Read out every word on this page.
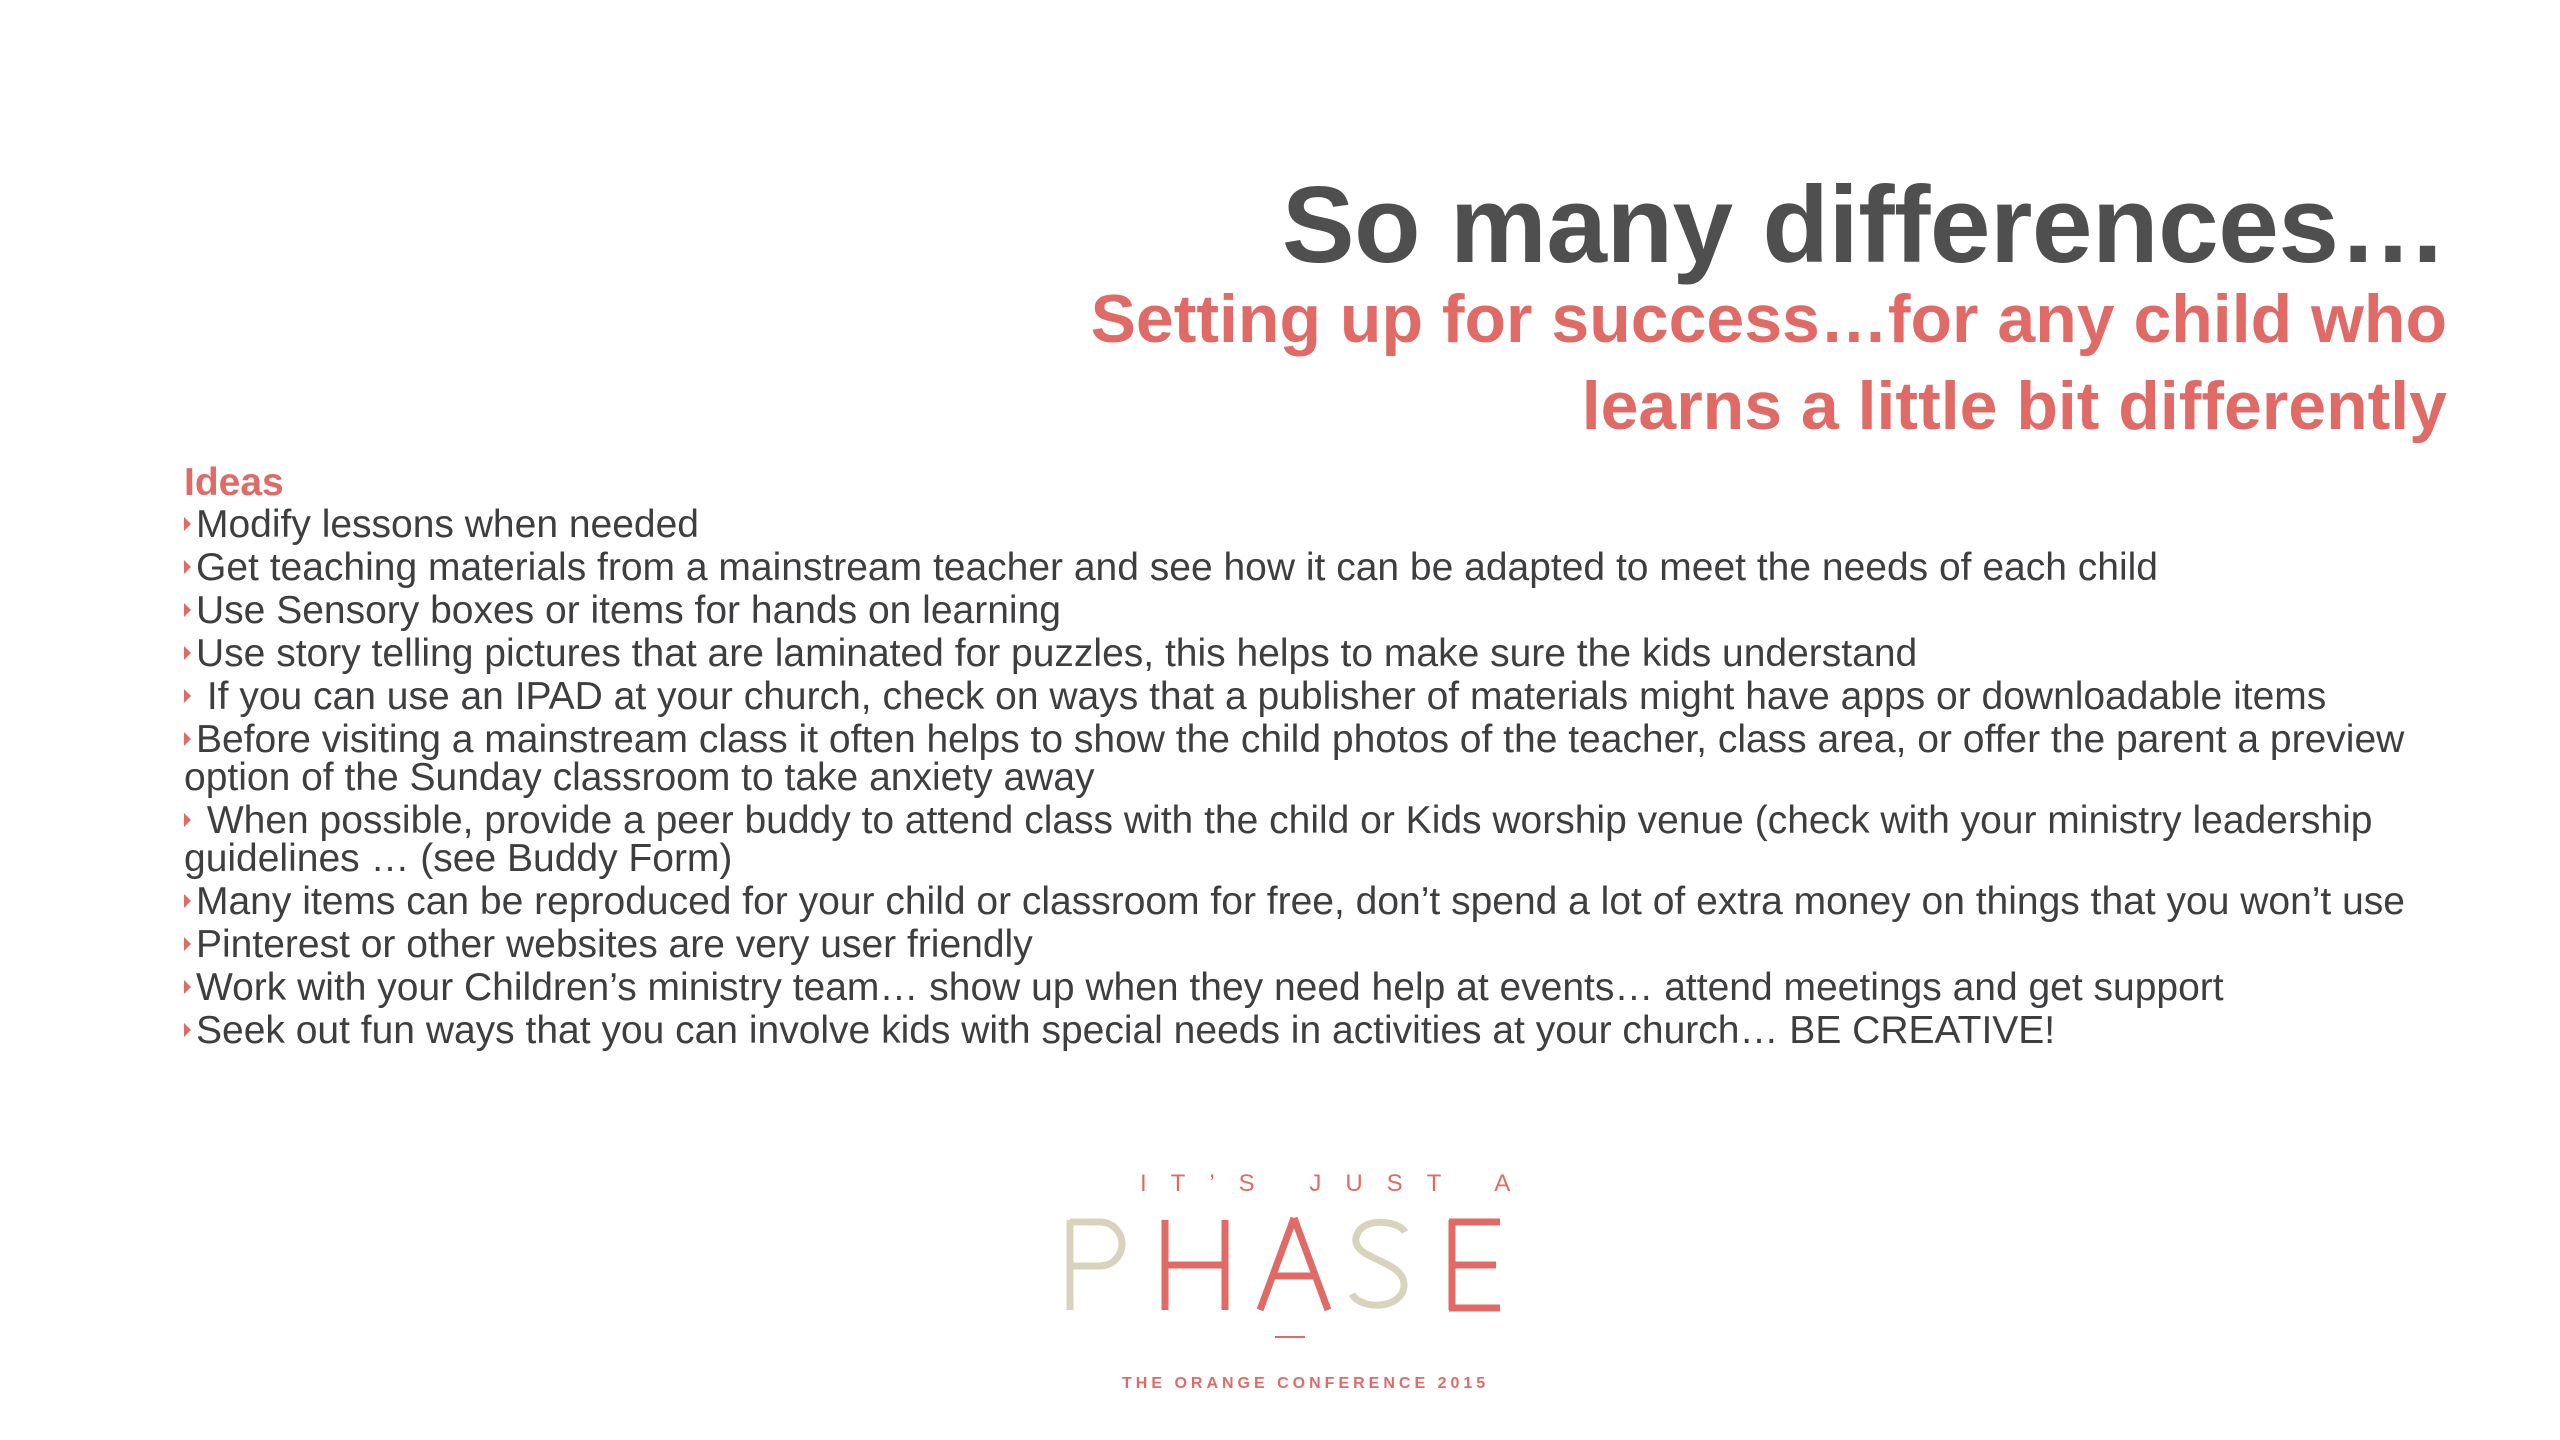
So many differences…
Setting up for success…for any child who
learns a little bit differently
Ideas
Modify lessons when needed
Get teaching materials from a mainstream teacher and see how it can be adapted to meet the needs of each child
Use Sensory boxes or items for hands on learning
Use story telling pictures that are laminated for puzzles, this helps to make sure the kids understand
If you can use an IPAD at your church, check on ways that a publisher of materials might have apps or downloadable items
Before visiting a mainstream class it often helps to show the child photos of the teacher, class area, or offer the parent a preview option of the Sunday classroom to take anxiety away
When possible, provide a peer buddy to attend class with the child or Kids worship venue (check with your ministry leadership guidelines … (see Buddy Form)
Many items can be reproduced for your child or classroom for free, don’t spend a lot of extra money on things that you won’t use
Pinterest or other websites are very user friendly
Work with your Children’s ministry team… show up when they need help at events… attend meetings and get support
Seek out fun ways that you can involve kids with special needs in activities at your church… BE CREATIVE!
IT’S JUST A
THE ORANGE CONFERENCE 2015
